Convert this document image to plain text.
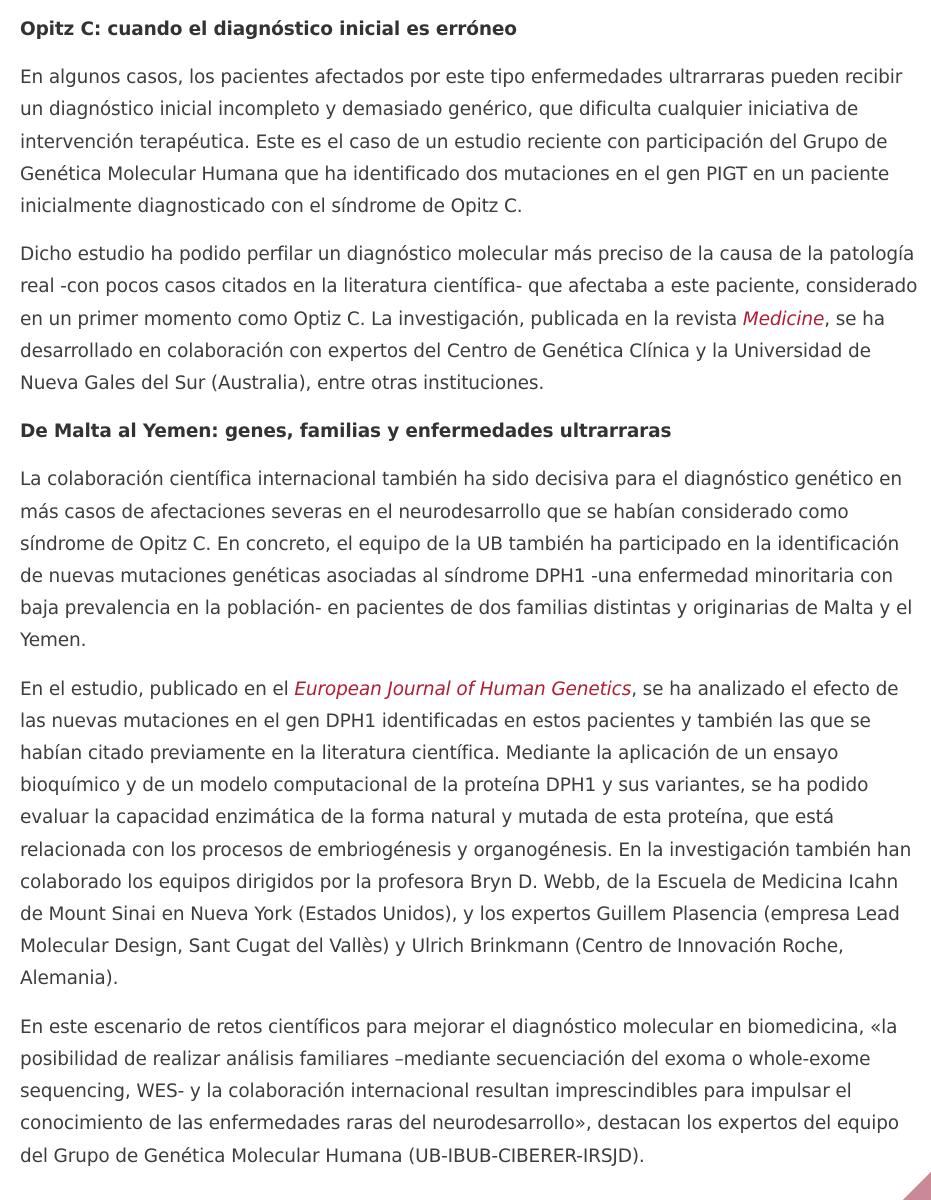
Opitz C: cuando el diagnóstico inicial es erróneo

En algunos casos, los pacientes afectados por este tipo enfermedades ultrarraras pueden recibir un diagnóstico inicial incompleto y demasiado genérico, que dificulta cualquier iniciativa de intervención terapéutica. Este es el caso de un estudio reciente con participación del Grupo de Genética Molecular Humana que ha identificado dos mutaciones en el gen PIGT en un paciente inicialmente diagnosticado con el síndrome de Opitz C.

Dicho estudio ha podido perfilar un diagnóstico molecular más preciso de la causa de la patología real -con pocos casos citados en la literatura científica- que afectaba a este paciente, considerado en un primer momento como Optiz C. La investigación, publicada en la revista Medicine, se ha desarrollado en colaboración con expertos del Centro de Genética Clínica y la Universidad de Nueva Gales del Sur (Australia), entre otras instituciones.

De Malta al Yemen: genes, familias y enfermedades ultrarraras

La colaboración científica internacional también ha sido decisiva para el diagnóstico genético en más casos de afectaciones severas en el neurodesarrollo que se habían considerado como síndrome de Opitz C. En concreto, el equipo de la UB también ha participado en la identificación de nuevas mutaciones genéticas asociadas al síndrome DPH1 -una enfermedad minoritaria con baja prevalencia en la población- en pacientes de dos familias distintas y originarias de Malta y el Yemen.

En el estudio, publicado en el European Journal of Human Genetics, se ha analizado el efecto de las nuevas mutaciones en el gen DPH1 identificadas en estos pacientes y también las que se habían citado previamente en la literatura científica. Mediante la aplicación de un ensayo bioquímico y de un modelo computacional de la proteína DPH1 y sus variantes, se ha podido evaluar la capacidad enzimática de la forma natural y mutada de esta proteína, que está relacionada con los procesos de embriogénesis y organogénesis. En la investigación también han colaborado los equipos dirigidos por la profesora Bryn D. Webb, de la Escuela de Medicina Icahn de Mount Sinai en Nueva York (Estados Unidos), y los expertos Guillem Plasencia (empresa Lead Molecular Design, Sant Cugat del Vallès) y Ulrich Brinkmann (Centro de Innovación Roche, Alemania).

En este escenario de retos científicos para mejorar el diagnóstico molecular en biomedicina, «la posibilidad de realizar análisis familiares –mediante secuenciación del exoma o whole-exome sequencing, WES- y la colaboración internacional resultan imprescindibles para impulsar el conocimiento de las enfermedades raras del neurodesarrollo», destacan los expertos del equipo del Grupo de Genética Molecular Humana (UB-IBUB-CIBERER-IRSJD).
